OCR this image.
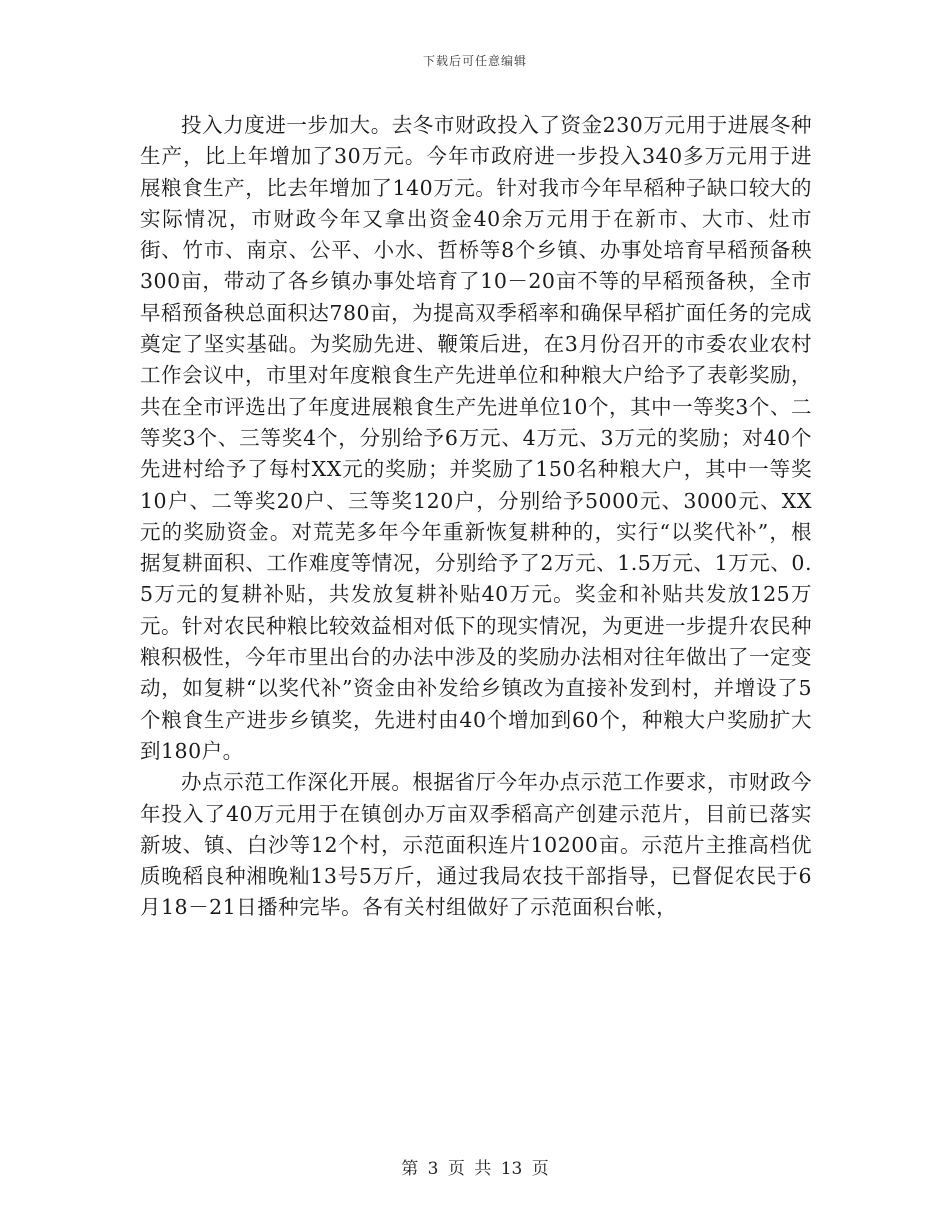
下载后可任意编辑

投入力度进一步加大。去冬市财政投入了资金230万元用于进展冬种生产，比上年增加了30万元。今年市政府进一步投入340多万元用于进展粮食生产，比去年增加了140万元。针对我市今年早稻种子缺口较大的实际情况，市财政今年又拿出资金40余万元用于在新市、大市、灶市街、竹市、南京、公平、小水、哲桥等8个乡镇、办事处培育早稻预备秧300亩，带动了各乡镇办事处培育了10－20亩不等的早稻预备秧，全市早稻预备秧总面积达780亩，为提高双季稻率和确保早稻扩面任务的完成奠定了坚实基础。为奖励先进、鞭策后进，在3月份召开的市委农业农村工作会议中，市里对年度粮食生产先进单位和种粮大户给予了表彰奖励，共在全市评选出了年度进展粮食生产先进单位10个，其中一等奖3个、二等奖3个、三等奖4个，分别给予6万元、4万元、3万元的奖励；对40个先进村给予了每村XX元的奖励；并奖励了150名种粮大户，其中一等奖10户、二等奖20户、三等奖120户，分别给予5000元、3000元、XX元的奖励资金。对荒芜多年今年重新恢复耕种的，实行“以奖代补”，根据复耕面积、工作难度等情况，分别给予了2万元、1.5万元、1万元、0.5万元的复耕补贴，共发放复耕补贴40万元。奖金和补贴共发放125万元。针对农民种粮比较效益相对低下的现实情况，为更进一步提升农民种粮积极性，今年市里出台的办法中涉及的奖励办法相对往年做出了一定变动，如复耕“以奖代补”资金由补发给乡镇改为直接补发到村，并增设了5个粮食生产进步乡镇奖，先进村由40个增加到60个，种粮大户奖励扩大到180户。

办点示范工作深化开展。根据省厅今年办点示范工作要求，市财政今年投入了40万元用于在镇创办万亩双季稻高产创建示范片，目前已落实新坡、镇、白沙等12个村，示范面积连片10200亩。示范片主推高档优质晚稻良种湘晚籼13号5万斤，通过我局农技干部指导，已督促农民于6月18－21日播种完毕。各有关村组做好了示范面积台帐，

第 3 页 共 13 页
